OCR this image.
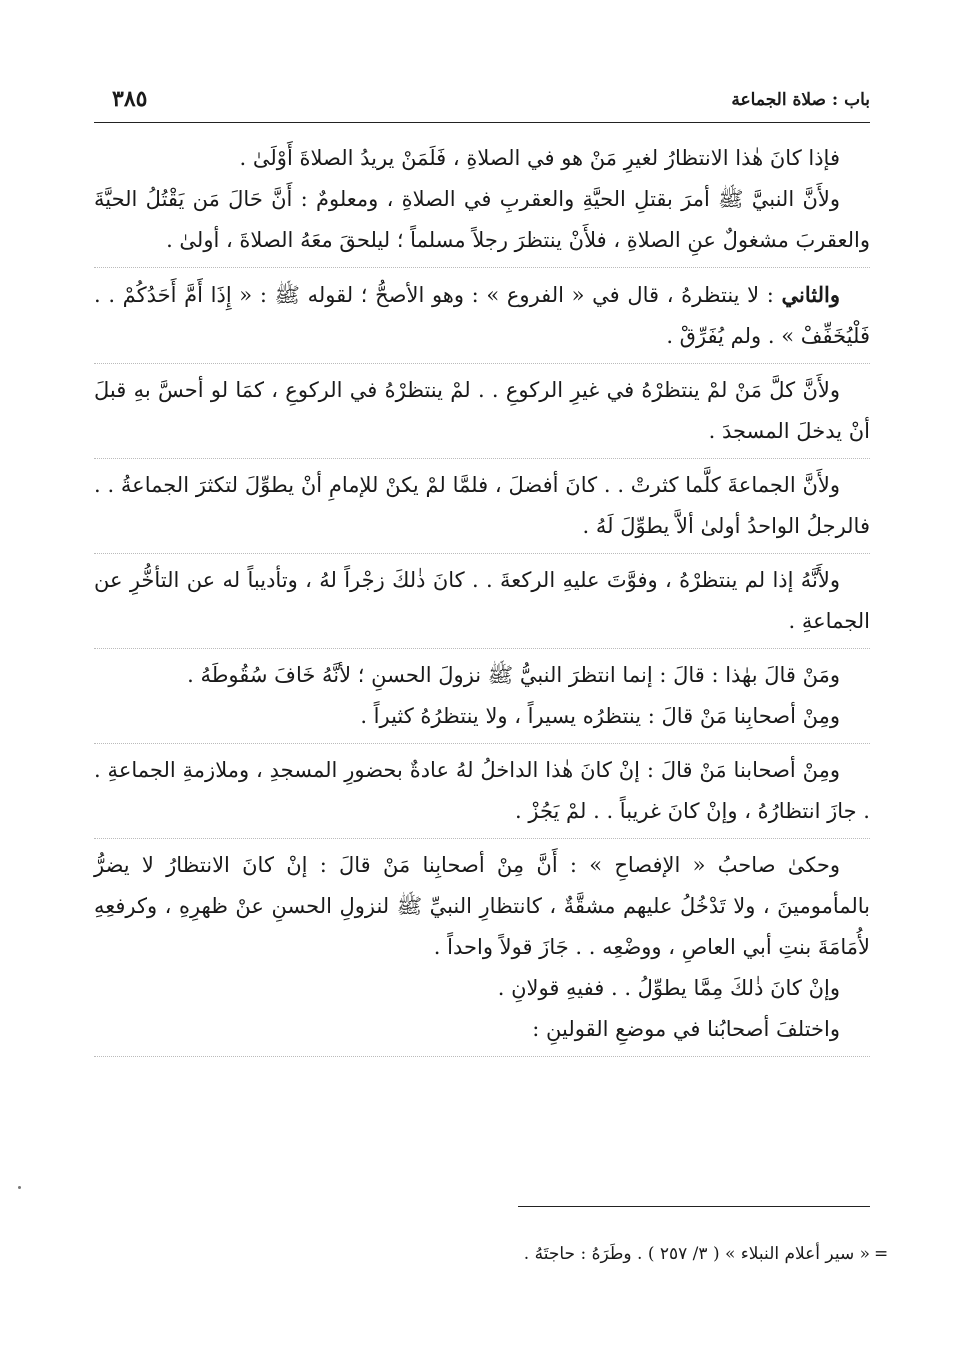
باب : صلاة الجماعة
٣٨٥

فإذا كانَ هٰذا الانتظارُ لغيرِ مَنْ هو في الصلاةِ ، فَلَمَنْ يريدُ الصلاةَ أَوْلَىٰ .

ولأَنَّ النبيَّ ﷺ أمرَ بقتلِ الحيَّةِ والعقربِ في الصلاةِ ، ومعلومٌ : أَنَّ حَالَ مَن يَقْتُلُ الحيَّةَ والعقربَ مشغولٌ عنِ الصلاةِ ، فلأَنْ ينتظرَ رجلاً مسلماً ؛ ليلحقَ معَهُ الصلاةَ ، أولىٰ .

والثاني : لا ينتظرهُ ، قال في « الفروع » : وهو الأصحُّ ؛ لقوله ﷺ : « إِذَا أَمَّ أَحَدُكُمْ . . فَلْيُخَفِّفْ » . ولم يُفَرِّقْ .

ولأَنَّ كلَّ مَنْ لمْ ينتظرْهُ في غيرِ الركوعِ . . لمْ ينتظرْهُ في الركوعِ ، كمَا لو أحسَّ بهِ قبلَ أنْ يدخلَ المسجدَ .

ولأَنَّ الجماعةَ كلَّما كثرتْ . . كانَ أفضلَ ، فلمَّا لمْ يكنْ للإمامِ أنْ يطوِّلَ لتكثرَ الجماعةُ . . فالرجلُ الواحدُ أولىٰ ألاَّ يطوِّلَ لَهُ .

ولأَنَّهُ إذا لم ينتظرْهُ ، وفوَّتَ عليهِ الركعةَ . . كانَ ذٰلكَ زجْراً لهُ ، وتأديباً له عن التأخُّرِ عن الجماعةِ .

ومَنْ قالَ بهٰذا : قالَ : إنما انتظرَ النبيُّ ﷺ نزولَ الحسنِ ؛ لأنَّهُ خَافَ سُقُوطَهُ .

ومِنْ أصحابِنا مَنْ قالَ : ينتظرُه يسيراً ، ولا ينتظرُهُ كثيراً .

ومِنْ أصحابنا مَنْ قالَ : إنْ كانَ هٰذا الداخلُ لهُ عادةٌ بحضورِ المسجدِ ، وملازمةِ الجماعةِ . . جازَ انتظارُهُ ، وإنْ كانَ غريباً . . لمْ يَجُزْ .

وحكىٰ صاحبُ « الإفصاحِ » : أَنَّ مِنْ أصحابِنا مَنْ قالَ : إنْ كانَ الانتظارُ لا يضرُّ بالمأمومينَ ، ولا تَدْخُلُ عليهم مشقَّةٌ ، كانتظارِ النبيِّ ﷺ لنزولِ الحسنِ عنْ ظهرِهِ ، وكرفعِهِ لأُمَامَةَ بنتِ أبي العاصِ ، ووضْعِه . . جَازَ قولاً واحداً .

وإنْ كانَ ذٰلكَ مِمَّا يطوِّلُ . . ففيهِ قولانِ .

واختلفَ أصحابُنا في موضعِ القولينِ :

=
« سير أعلام النبلاء » ( ٣/ ٢٥٧ ) . وطَرَهُ : حاجتَهُ .
